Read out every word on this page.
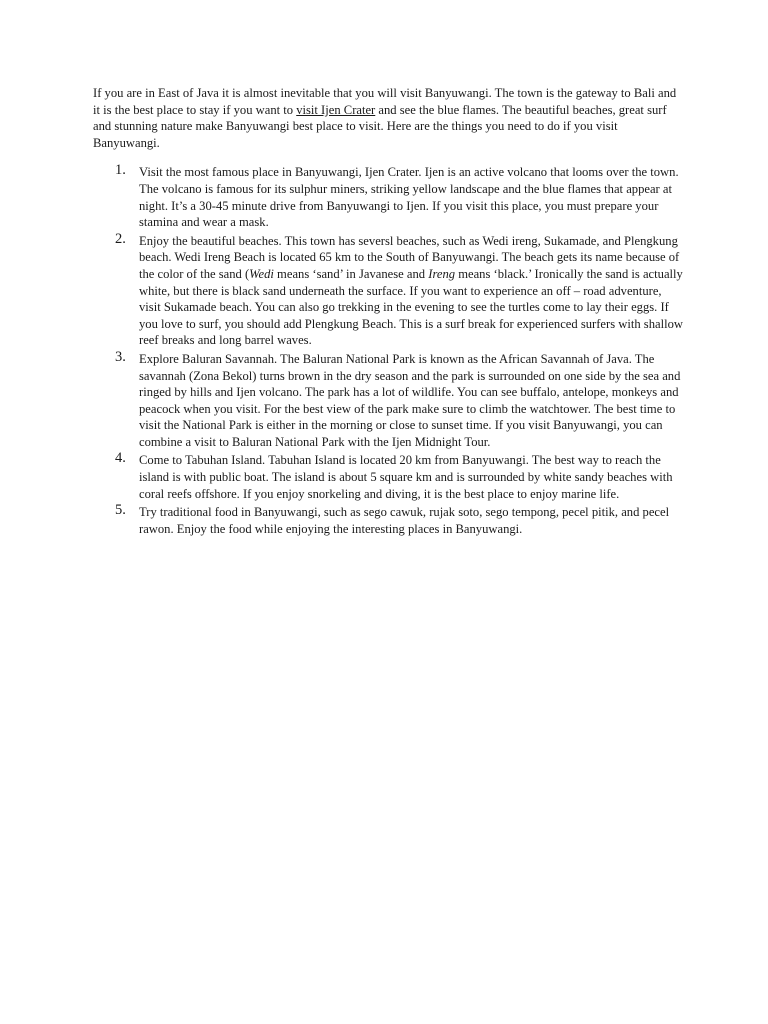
If you are in East of Java it is almost inevitable that you will visit Banyuwangi. The town is the gateway to Bali and it is the best place to stay if you want to visit Ijen Crater and see the blue flames. The beautiful beaches, great surf and stunning nature make Banyuwangi best place to visit. Here are the things you need to do if you visit Banyuwangi.

1. Visit the most famous place in Banyuwangi, Ijen Crater. Ijen is an active volcano that looms over the town. The volcano is famous for its sulphur miners, striking yellow landscape and the blue flames that appear at night. It’s a 30-45 minute drive from Banyuwangi to Ijen. If you visit this place, you must prepare your stamina and wear a mask.
2. Enjoy the beautiful beaches. This town has seversl beaches, such as Wedi ireng, Sukamade, and Plengkung beach. Wedi Ireng Beach is located 65 km to the South of Banyuwangi. The beach gets its name because of the color of the sand (Wedi means ‘sand’ in Javanese and Ireng means ‘black.’ Ironically the sand is actually white, but there is black sand underneath the surface. If you want to experience an off – road adventure, visit Sukamade beach. You can also go trekking in the evening to see the turtles come to lay their eggs. If you love to surf, you should add Plengkung Beach. This is a surf break for experienced surfers with shallow reef breaks and long barrel waves.
3. Explore Baluran Savannah. The Baluran National Park is known as the African Savannah of Java. The savannah (Zona Bekol) turns brown in the dry season and the park is surrounded on one side by the sea and ringed by hills and Ijen volcano. The park has a lot of wildlife. You can see buffalo, antelope, monkeys and peacock when you visit. For the best view of the park make sure to climb the watchtower. The best time to visit the National Park is either in the morning or close to sunset time. If you visit Banyuwangi, you can combine a visit to Baluran National Park with the Ijen Midnight Tour.
4. Come to Tabuhan Island. Tabuhan Island is located 20 km from Banyuwangi. The best way to reach the island is with public boat. The island is about 5 square km and is surrounded by white sandy beaches with coral reefs offshore. If you enjoy snorkeling and diving, it is the best place to enjoy marine life.
5. Try traditional food in Banyuwangi, such as sego cawuk, rujak soto, sego tempong, pecel pitik, and pecel rawon. Enjoy the food while enjoying the interesting places in Banyuwangi.
